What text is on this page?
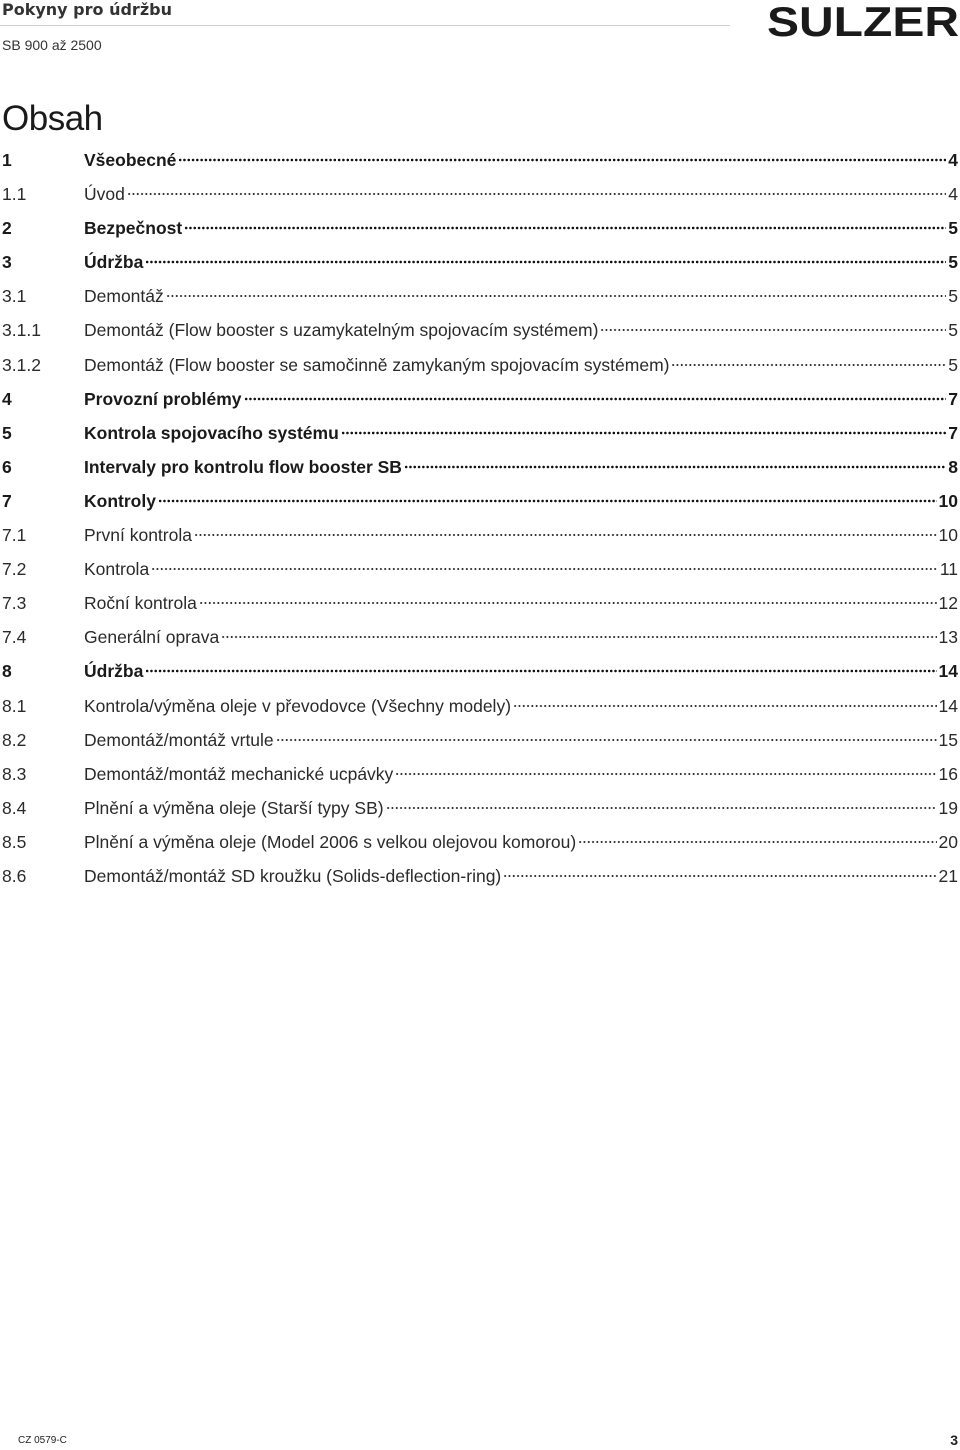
Pokyny pro údržbu
SB 900 až 2500	SULZER
Obsah
1	Všeobecné	4
1.1	Úvod	4
2	Bezpečnost	5
3	Údržba	5
3.1	Demontáž	5
3.1.1	Demontáž (Flow booster s uzamykatelným spojovacím systémem)	5
3.1.2	Demontáž (Flow booster se samočinně zamykaným spojovacím systémem)	5
4	Provozní problémy	7
5	Kontrola spojovacího systému	7
6	Intervaly pro kontrolu flow booster SB	8
7	Kontroly	10
7.1	První kontrola	10
7.2	Kontrola	11
7.3	Roční kontrola	12
7.4	Generální oprava	13
8	Údržba	14
8.1	Kontrola/výměna oleje v převodovce (Všechny modely)	14
8.2	Demontáž/montáž vrtule	15
8.3	Demontáž/montáž mechanické ucpávky	16
8.4	Plnění a výměna oleje (Starší typy SB)	19
8.5	Plnění a výměna oleje (Model 2006 s velkou olejovou komorou)	20
8.6	Demontáž/montáž SD kroužku (Solids-deflection-ring)	21
CZ 0579-C	3
